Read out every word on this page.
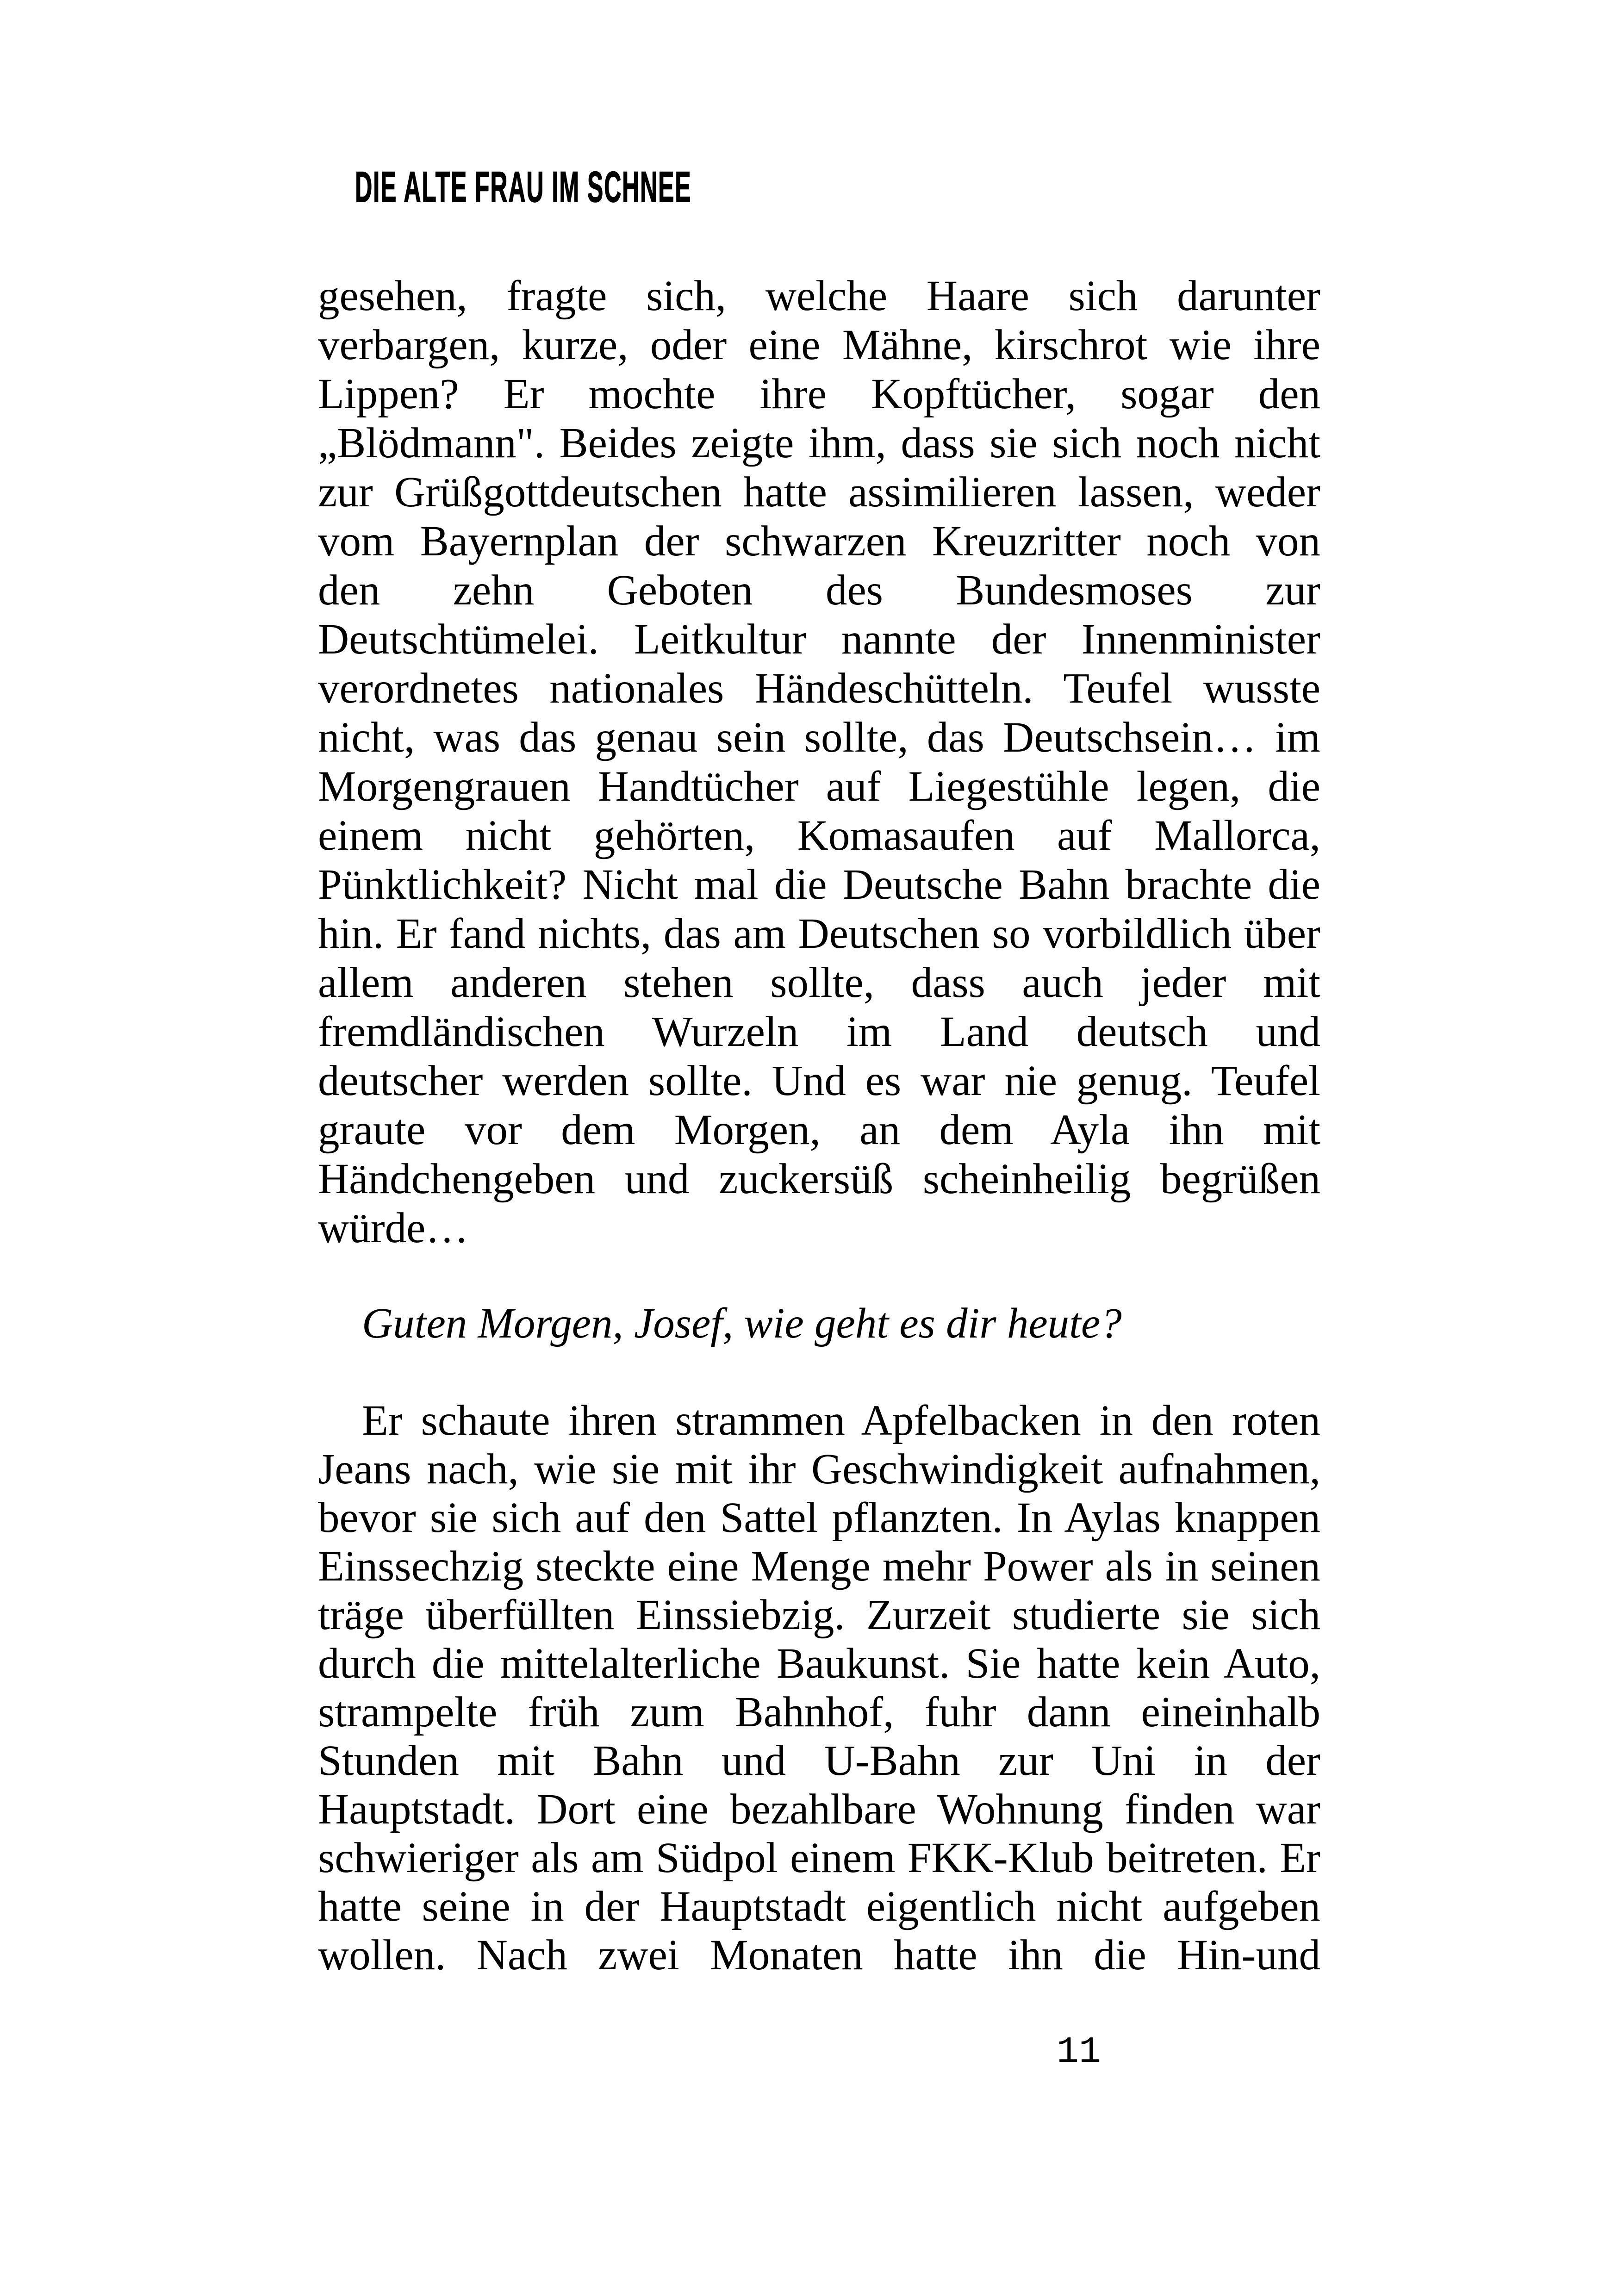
DIE ALTE FRAU IM SCHNEE
gesehen, fragte sich, welche Haare sich darunter
verbargen, kurze, oder eine Mähne, kirschrot wie ihre
Lippen? Er mochte ihre Kopftücher, sogar den
„Blödmann". Beides zeigte ihm, dass sie sich noch nicht
zur Grüßgottdeutschen hatte assimilieren lassen, weder
vom Bayernplan der schwarzen Kreuzritter noch von
den zehn Geboten des Bundesmoses zur
Deutschtümelei. Leitkultur nannte der Innenminister
verordnetes nationales Händeschütteln. Teufel wusste
nicht, was das genau sein sollte, das Deutschsein… im
Morgengrauen Handtücher auf Liegestühle legen, die
einem nicht gehörten, Komasaufen auf Mallorca,
Pünktlichkeit? Nicht mal die Deutsche Bahn brachte die
hin. Er fand nichts, das am Deutschen so vorbildlich über
allem anderen stehen sollte, dass auch jeder mit
fremdländischen Wurzeln im Land deutsch und
deutscher werden sollte. Und es war nie genug. Teufel
graute vor dem Morgen, an dem Ayla ihn mit
Händchengeben und zuckersüß scheinheilig begrüßen
würde…
Guten Morgen, Josef, wie geht es dir heute?
Er schaute ihren strammen Apfelbacken in den roten
Jeans nach, wie sie mit ihr Geschwindigkeit aufnahmen,
bevor sie sich auf den Sattel pflanzten. In Aylas knappen
Einssechzig steckte eine Menge mehr Power als in seinen
träge überfüllten Einssiebzig. Zurzeit studierte sie sich
durch die mittelalterliche Baukunst. Sie hatte kein Auto,
strampelte früh zum Bahnhof, fuhr dann eineinhalb
Stunden mit Bahn und U-Bahn zur Uni in der
Hauptstadt. Dort eine bezahlbare Wohnung finden war
schwieriger als am Südpol einem FKK-Klub beitreten. Er
hatte seine in der Hauptstadt eigentlich nicht aufgeben
wollen. Nach zwei Monaten hatte ihn die Hin-und
11
